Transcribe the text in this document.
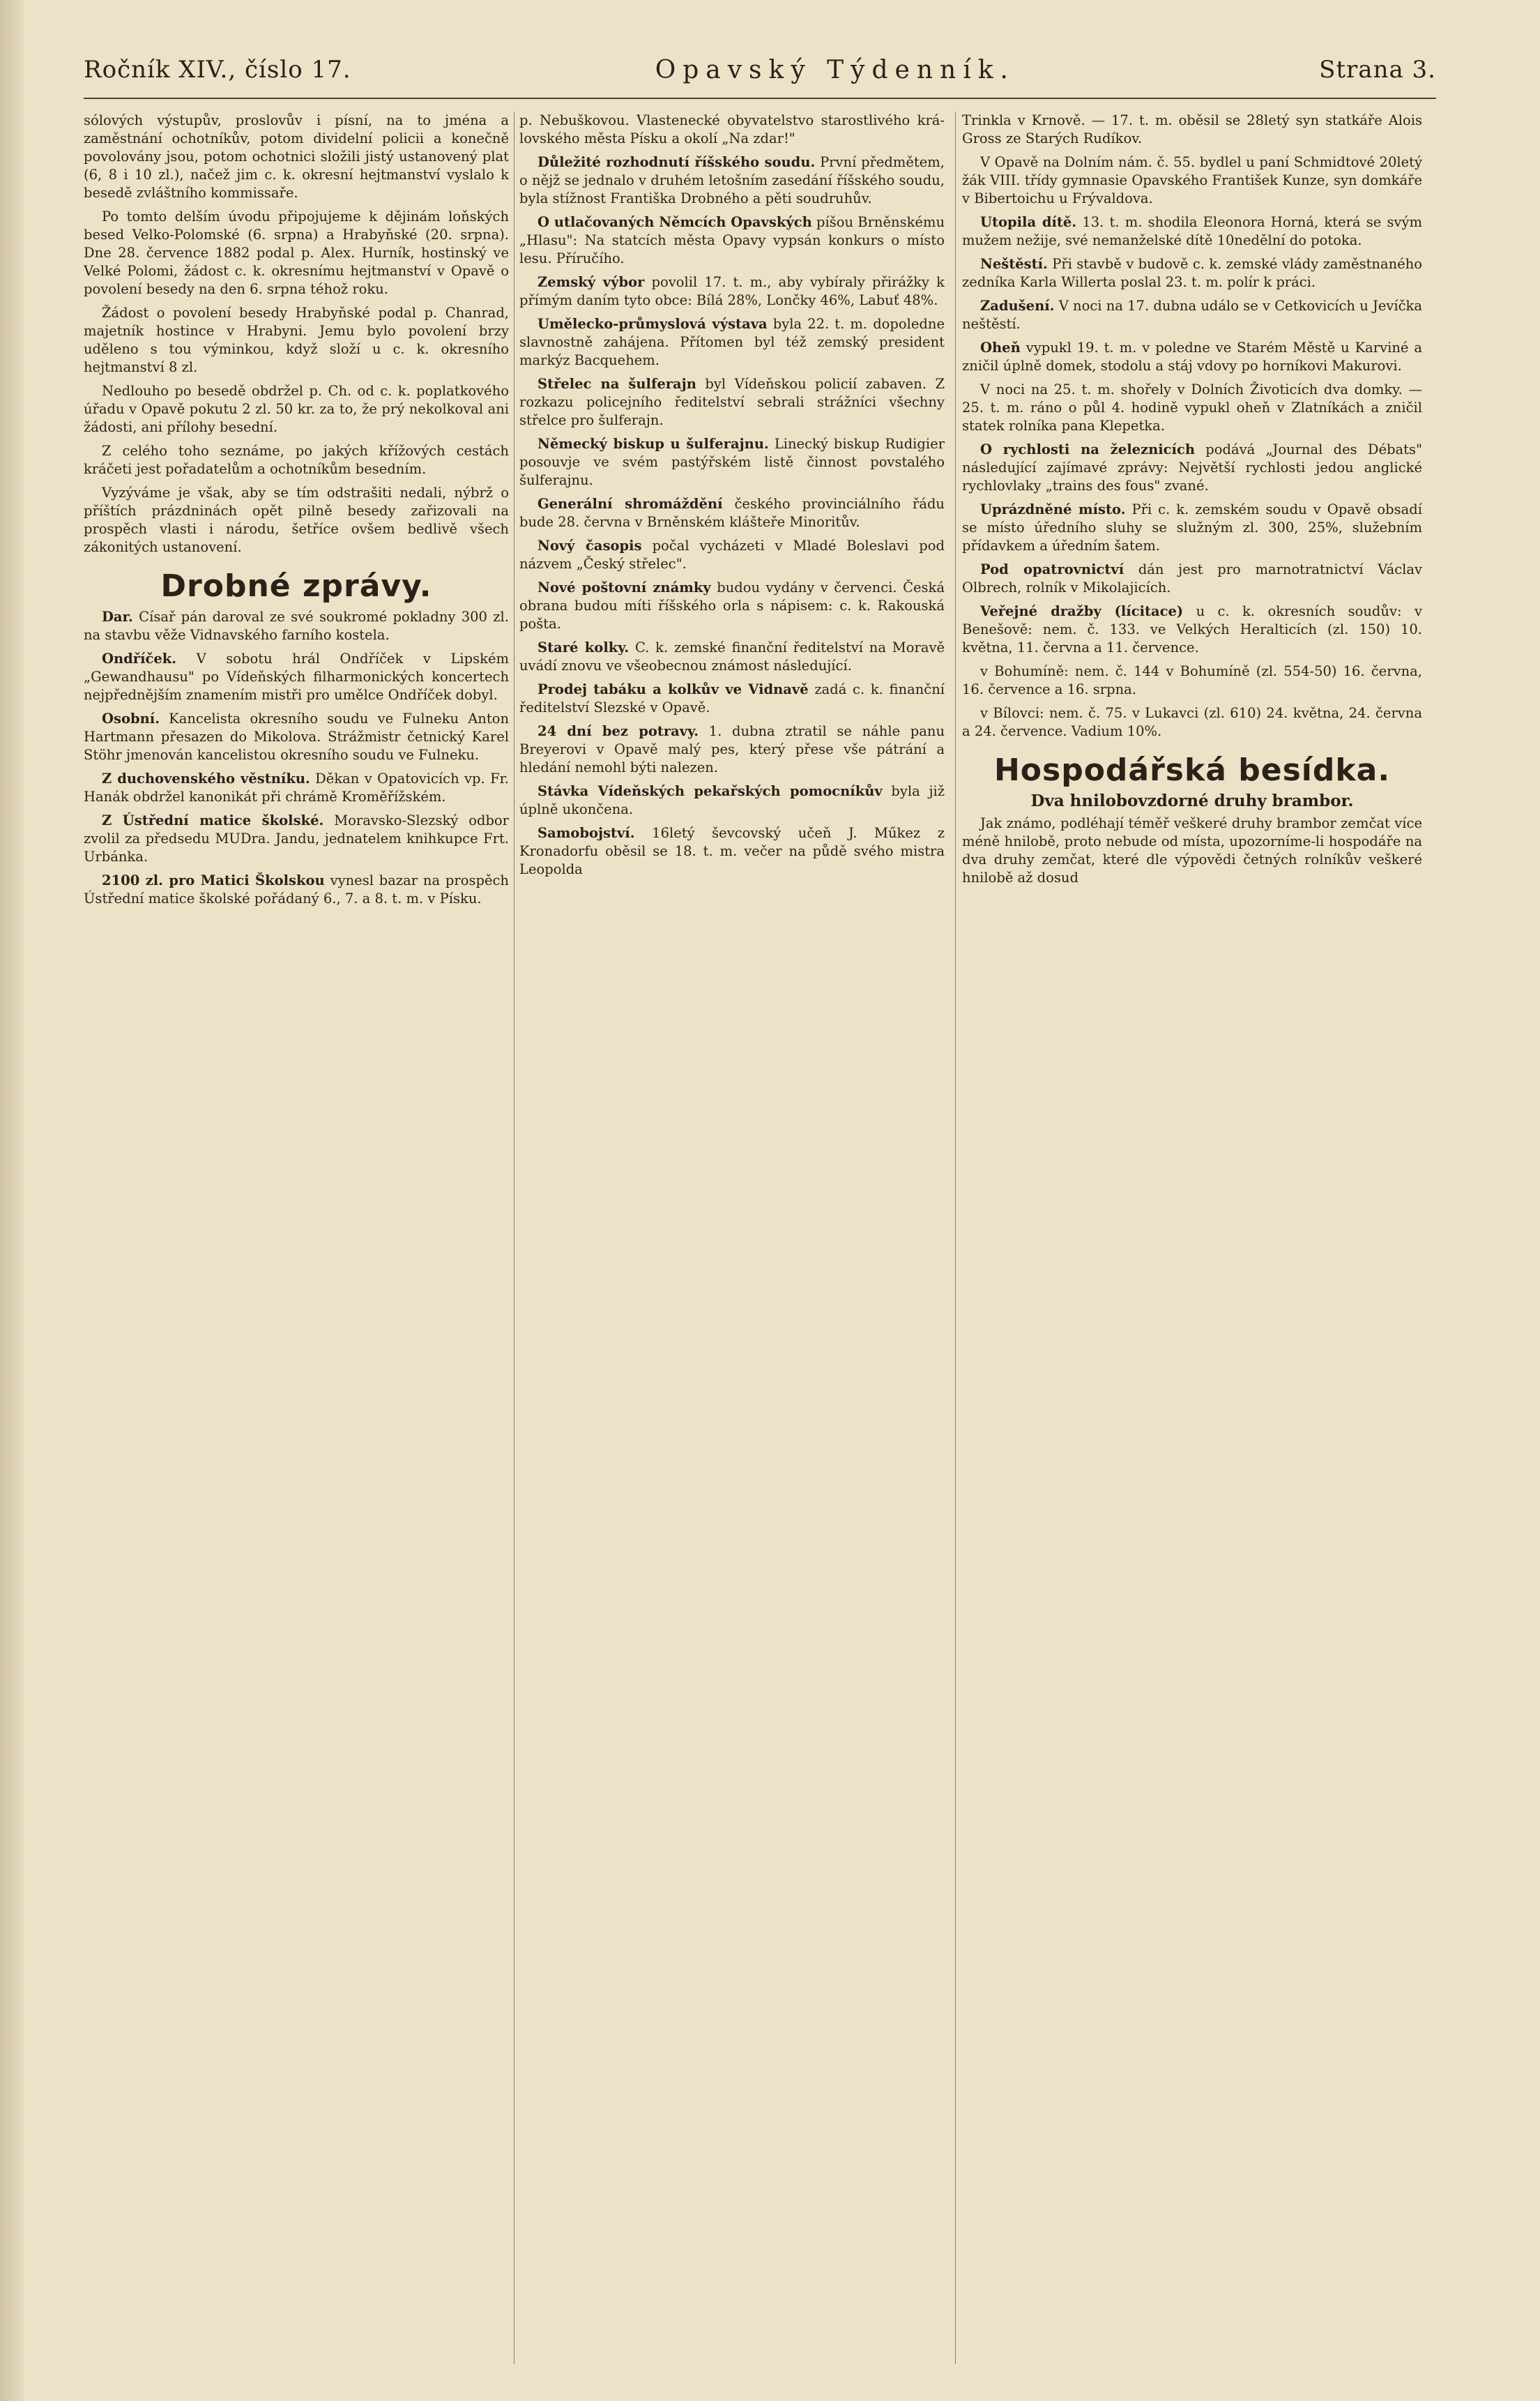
Ročník XIV., číslo 17.	Opavský Týdenník.	Strana 3.

sólových výstupův, proslovův i písní, na to jména a zaměstnání ochotníkův, potom dividelní policii a konečně povolovány jsou, potom ochotnici složili jistý ustanovený plat (6, 8 i 10 zl.), načež jim c. k. okresní hejtmanství vyslalo k besedě zvláštního kommissaře.

Po tomto delším úvodu připojujeme k dějinám loňských besed Velko-Polomské (6. srpna) a Hrabyňské (20. srpna). Dne 28. července 1882 podal p. Alex. Hurník, hostinský ve Velké Polomi, žádost c. k. okresnímu hejtmanství v Opavě o povolení besedy na den 6. srpna téhož roku.

Žádost o povolení besedy Hrabyňské podal p. Chanrad, majetník hostince v Hrabyni. Jemu bylo povolení brzy uděleno s tou výminkou, když složí u c. k. okresního hejtmanství 8 zl.

Nedlouho po besedě obdržel p. Ch. od c. k. poplatkového úřadu v Opavě pokutu 2 zl. 50 kr. za to, že prý nekolkoval ani žádosti, ani přílohy besední.

Z celého toho seznáme, po jakých křížových cestách kráčeti jest pořadatelům a ochotníkům besedním.

Vyzýváme je však, aby se tím odstrašiti nedali, nýbrž o příštích prázdninách opět pilně besedy zařizovali na prospěch vlasti i národu, šetříce ovšem bedlivě všech zákonitých ustanovení.

Drobné zprávy.

Dar. Císař pán daroval ze své soukromé pokladny 300 zl. na stavbu věže Vidnavského farního kostela.

Ondříček. V sobotu hrál Ondříček v Lipském „Gewandhausu" po Vídeňských filharmonických koncertech nejpřednějším znamením mistři pro umělce Ondříček dobyl.

Osobní. Kancelista okresního soudu ve Fulneku Anton Hartmann přesazen do Mikolova. Strážmistr četnický Karel Stöhr jmenován kancelistou okresního soudu ve Fulneku.

Z duchovenského věstníku. Děkan v Opatovicích vp. Fr. Hanák obdržel kanonikát při chrámě Kroměřížském.

Z Ústřední matice školské. Moravsko-Slezský odbor zvolil za předsedu MUDra. Jandu, jednatelem knihkupce Frt. Urbánka.

2100 zl. pro Matici Školskou vynesl bazar na prospěch Ústřední matice školské pořádaný 6., 7. a 8. t. m. v Písku.

p. Nebuškovou. Vlastenecké obyvatelstvo starostlivého krá- lovského města Písku a okolí „Na zdar!"

Důležité rozhodnutí říšského soudu. První předmětem, o nějž se jednalo v druhém letošním zasedání říšského soudu, byla stížnost Františka Drobného a pěti soudruhův.

O utlačovaných Němcích Opavských píšou Brněnskému „Hlasu": Na statcích města Opavy vypsán konkurs o místo lesu. Příručího.

Zemský výbor povolil 17. t. m., aby vybíraly přirážky k přímým daním tyto obce: Bílá 28%, Lončky 46%, Labuť 48%.

Umělecko-průmyslová výstava byla 22. t. m. dopoledne slavnostně zahájena. Přítomen byl též zemský president markýz Bacquehem.

Střelec na šulferajn byl Vídeňskou policií zabaven. Z rozkazu policejního ředitelství sebrali strážníci všechny střelce pro šulferajn.

Německý biskup u šulferajnu. Linecký biskup Rudigier posouvje ve svém pastýřském listě činnost povstalého šulferajnu.

Generální shromáždění českého provinciálního řádu bude 28. června v Brněnském klášteře Minoritův.

Nový časopis počal vycházeti v Mladé Boleslavi pod názvem „Český střelec".

Nové poštovní známky budou vydány v červenci. Česká obrana budou míti říšského orla s nápisem: c. k. Rakouská pošta.

Staré kolky. C. k. zemské finanční ředitelství na Moravě uvádí znovu ve všeobecnou známost následující.

Prodej tabáku a kolkův ve Vidnavě zadá c. k. finanční ředitelství Slezské v Opavě.

24 dní bez potravy. 1. dubna ztratil se náhle panu Breyerovi v Opavě malý pes, který přese vše pátrání a hledání nemohl býti nalezen.

Stávka Vídeňských pekařských pomocníkův byla již úplně ukončena.

Samobojství. 16letý ševcovský učeň J. Műkez z Kronadorfu oběsil se 18. t. m. večer na půdě svého mistra Leopolda

Trinkla v Krnově. — 17. t. m. oběsil se 28letý syn statkáře Alois Gross ze Starých Rudíkov.

V Opavě na Dolním nám. č. 55. bydlel u paní Schmidtové 20letý žák VIII. třídy gymnasie Opavského František Kunze, syn domkáře v Bibertoichu u Frývaldova.

Utopila dítě. 13. t. m. shodila Eleonora Horná, která se svým mužem nežije, své nemanželské dítě 10nedělní do potoka.

Neštěstí. Při stavbě v budově c. k. zemské vlády zaměstnaného zedníka Karla Willerta poslal 23. t. m. polír k práci.

Zadušení. V noci na 17. dubna událo se v Cetkovicích u Jevíčka neštěstí.

Oheň vypukl 19. t. m. v poledne ve Starém Městě u Karviné a zničil úplně domek, stodolu a stáj vdovy po horníkovi Makurovi.

V noci na 25. t. m. shořely v Dolních Životicích dva domky. — 25. t. m. ráno o půl 4. hodině vypukl oheň v Zlatníkách a zničil statek rolníka pana Klepetka.

O rychlosti na železnicích podává „Journal des Débats" následující zajímavé zprávy: Největší rychlosti jedou anglické rychlovlaky „trains des fous" zvané.

Uprázdněné místo. Při c. k. zemském soudu v Opavě obsadí se místo úředního sluhy se služným zl. 300, 25%, služebním přídavkem a úředním šatem.

Pod opatrovnictví dán jest pro marnotratnictví Václav Olbrech, rolník v Mikolajicích.

Veřejné dražby (lícitace) u c. k. okresních soudův: v Benešově: nem. č. 133. ve Velkých Heralticích (zl. 150) 10. května, 11. června a 11. července.

v Bohumíně: nem. č. 144 v Bohumíně (zl. 554-50) 16. června, 16. července a 16. srpna.

v Bílovci: nem. č. 75. v Lukavci (zl. 610) 24. května, 24. června a 24. července. Vadium 10%.

Hospodářská besídka.
Dva hnilobovzdorné druhy brambor.

Jak známo, podléhají téměř veškeré druhy brambor zemčat více méně hnilobě, proto nebude od místa, upozorníme-li hospodáře na dva druhy zemčat, které dle výpovědi četných rolníkův veškeré hnilobě až dosud
